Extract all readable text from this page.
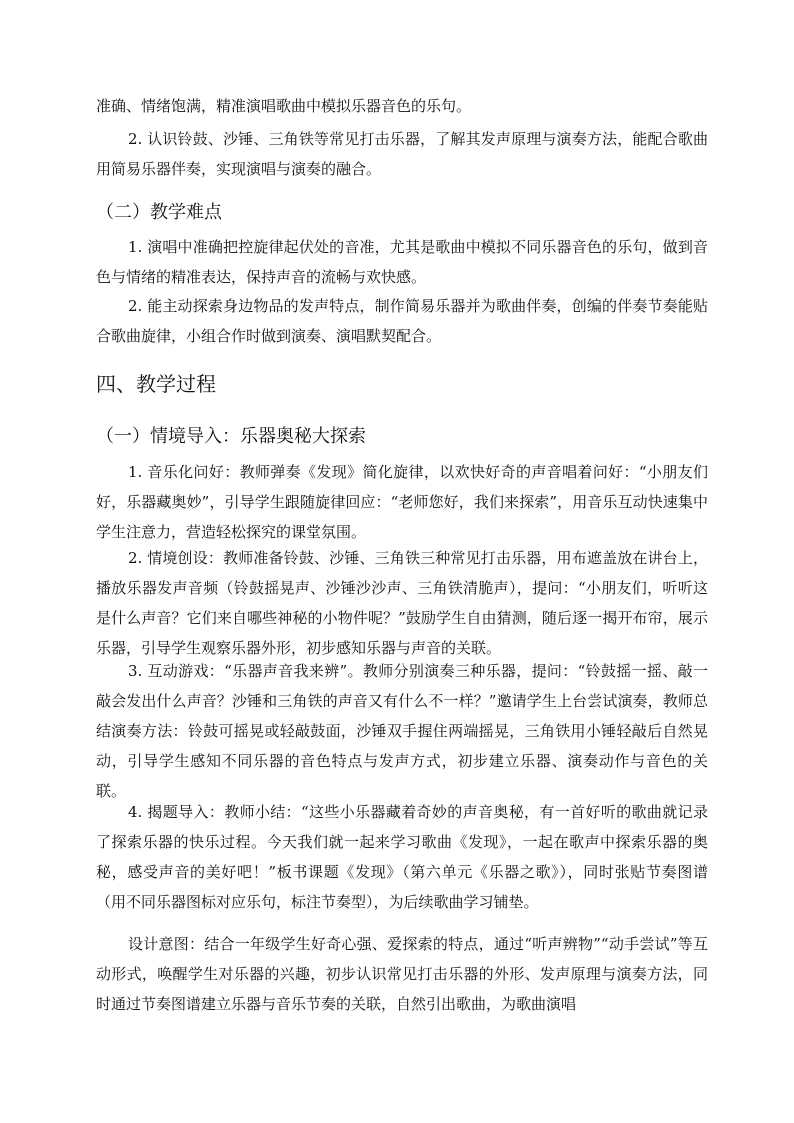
准确、情绪饱满，精准演唱歌曲中模拟乐器音色的乐句。

2. 认识铃鼓、沙锤、三角铁等常见打击乐器，了解其发声原理与演奏方法，能配合歌曲用简易乐器伴奏，实现演唱与演奏的融合。

（二）教学难点

1. 演唱中准确把控旋律起伏处的音准，尤其是歌曲中模拟不同乐器音色的乐句，做到音色与情绪的精准表达，保持声音的流畅与欢快感。

2. 能主动探索身边物品的发声特点，制作简易乐器并为歌曲伴奏，创编的伴奏节奏能贴合歌曲旋律，小组合作时做到演奏、演唱默契配合。

四、教学过程
（一）情境导入：乐器奥秘大探索

1. 音乐化问好：教师弹奏《发现》简化旋律，以欢快好奇的声音唱着问好：“小朋友们好，乐器藏奥妙”，引导学生跟随旋律回应：“老师您好，我们来探索”，用音乐互动快速集中学生注意力，营造轻松探究的课堂氛围。

2. 情境创设：教师准备铃鼓、沙锤、三角铁三种常见打击乐器，用布遮盖放在讲台上，播放乐器发声音频（铃鼓摇晃声、沙锤沙沙声、三角铁清脆声），提问：“小朋友们，听听这是什么声音？它们来自哪些神秘的小物件呢？”鼓励学生自由猜测，随后逐一揭开布帘，展示乐器，引导学生观察乐器外形，初步感知乐器与声音的关联。

3. 互动游戏：“乐器声音我来辨”。教师分别演奏三种乐器，提问：“铃鼓摇一摇、敲一敲会发出什么声音？沙锤和三角铁的声音又有什么不一样？”邀请学生上台尝试演奏，教师总结演奏方法：铃鼓可摇晃或轻敲鼓面，沙锤双手握住两端摇晃，三角铁用小锤轻敲后自然晃动，引导学生感知不同乐器的音色特点与发声方式，初步建立乐器、演奏动作与音色的关联。

4. 揭题导入：教师小结：“这些小乐器藏着奇妙的声音奥秘，有一首好听的歌曲就记录了探索乐器的快乐过程。今天我们就一起来学习歌曲《发现》，一起在歌声中探索乐器的奥秘，感受声音的美好吧！”板书课题《发现》（第六单元《乐器之歌》），同时张贴节奏图谱（用不同乐器图标对应乐句，标注节奏型），为后续歌曲学习铺垫。

设计意图：结合一年级学生好奇心强、爱探索的特点，通过“听声辨物”“动手尝试”等互动形式，唤醒学生对乐器的兴趣，初步认识常见打击乐器的外形、发声原理与演奏方法，同时通过节奏图谱建立乐器与音乐节奏的关联，自然引出歌曲，为歌曲演唱
